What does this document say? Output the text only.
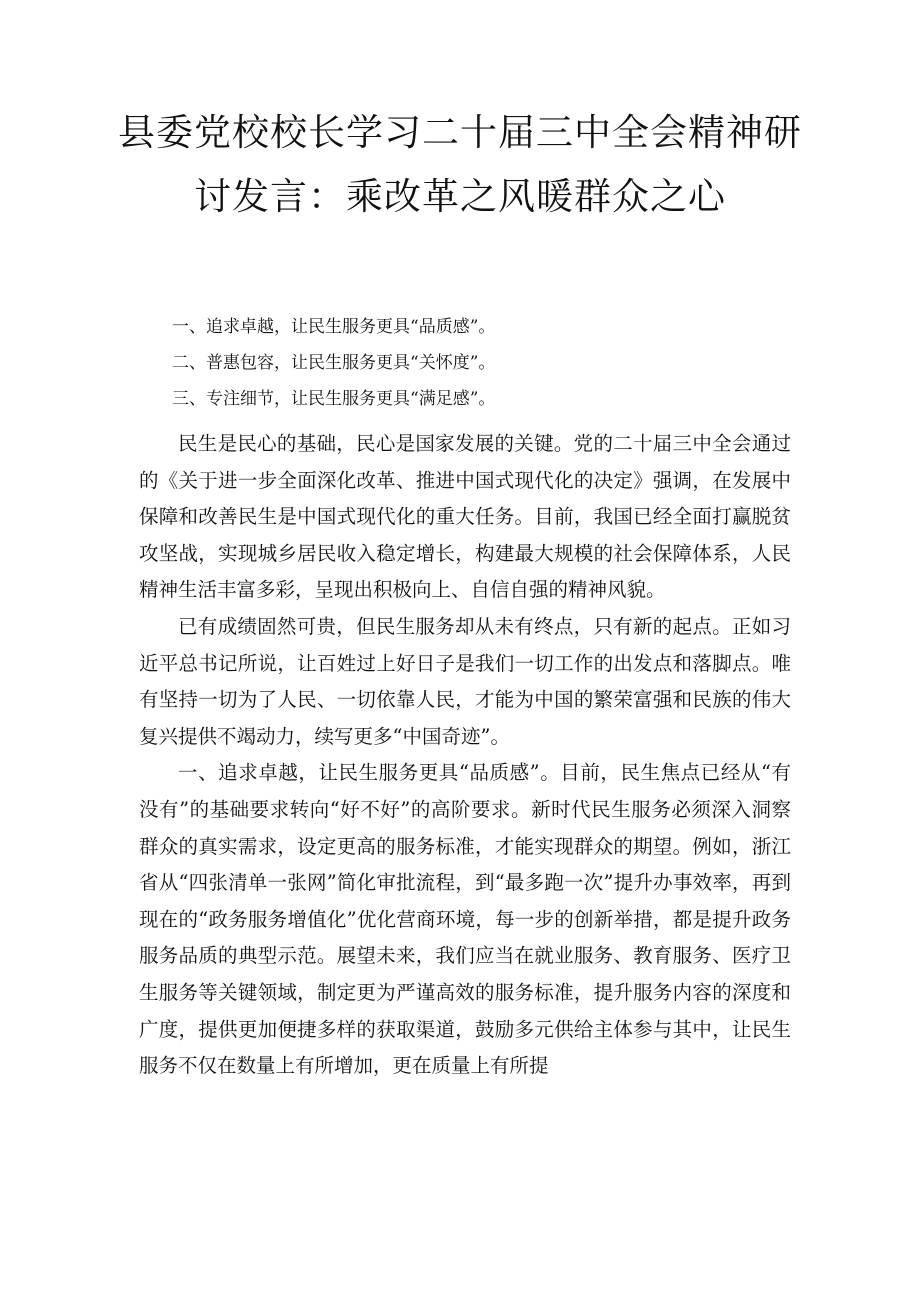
县委党校校长学习二十届三中全会精神研
讨发言：乘改革之风暖群众之心
一、追求卓越，让民生服务更具“品质感”。
二、普惠包容，让民生服务更具“关怀度”。
三、专注细节，让民生服务更具“满足感”。

民生是民心的基础，民心是国家发展的关键。党的二十届三中全会通过的《关于进一步全面深化改革、推进中国式现代化的决定》强调，在发展中保障和改善民生是中国式现代化的重大任务。目前，我国已经全面打赢脱贫攻坚战，实现城乡居民收入稳定增长，构建最大规模的社会保障体系，人民精神生活丰富多彩，呈现出积极向上、自信自强的精神风貌。

已有成绩固然可贵，但民生服务却从未有终点，只有新的起点。正如习近平总书记所说，让百姓过上好日子是我们一切工作的出发点和落脚点。唯有坚持一切为了人民、一切依靠人民，才能为中国的繁荣富强和民族的伟大复兴提供不竭动力，续写更多“中国奇迹”。

一、追求卓越，让民生服务更具“品质感”。目前，民生焦点已经从“有没有”的基础要求转向“好不好”的高阶要求。新时代民生服务必须深入洞察群众的真实需求，设定更高的服务标准，才能实现群众的期望。例如，浙江省从“四张清单一张网”简化审批流程，到“最多跑一次”提升办事效率，再到现在的“政务服务增值化”优化营商环境，每一步的创新举措，都是提升政务服务品质的典型示范。展望未来，我们应当在就业服务、教育服务、医疗卫生服务等关键领域，制定更为严谨高效的服务标准，提升服务内容的深度和广度，提供更加便捷多样的获取渠道，鼓励多元供给主体参与其中，让民生服务不仅在数量上有所增加，更在质量上有所提
